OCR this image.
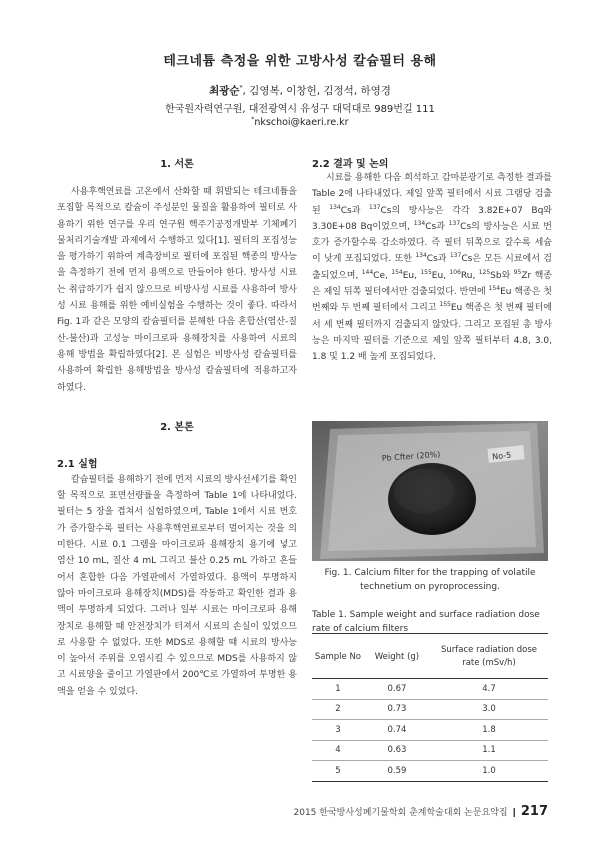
테크네튬 측정을 위한 고방사성 칼슘필터 용해
최광순*, 김영복, 이창헌, 김정석, 하영경
한국원자력연구원, 대전광역시 유성구 대덕대로 989번길 111
*nkschoi@kaeri.re.kr
1. 서론

사용후핵연료를 고온에서 산화할 때 휘발되는 테크네튬을 포집할 목적으로 칼슘이 주성분인 물질을 활용하여 필터로 사용하기 위한 연구를 우리 연구원 핵주기공정개발부 기체폐기물처리기술개발 과제에서 수행하고 있다[1]. 필터의 포집성능을 평가하기 위하여 계측장비로 필터에 포집된 핵종의 방사능을 측정하기 전에 먼저 용액으로 만들어야 한다. 방사성 시료는 취급하기가 쉽지 않으므로 비방사성 시료를 사용하여 방사성 시료 용해를 위한 예비실험을 수행하는 것이 좋다. 따라서 Fig. 1과 같은 모양의 칼슘필터를 분해한 다음 혼합산(염산-질산-불산)과 고성능 마이크로파 용해장치를 사용하여 시료의 용해 방법을 확립하였다[2]. 본 실험은 비방사성 칼슘필터를 사용하여 확립한 용해방법을 방사성 칼슘필터에 적용하고자 하였다.

2. 본론
2.1 실험

칼슘필터를 용해하기 전에 먼저 시료의 방사선세기를 확인할 목적으로 표면선량률을 측정하여 Table 1에 나타내었다. 필터는 5 장을 겹쳐서 실험하였으며, Table 1에서 시료 번호가 증가할수록 필터는 사용후핵연료로부터 멀어지는 것을 의미한다. 시료 0.1 그램을 마이크로파 용해장치 용기에 넣고 염산 10 mL, 질산 4 mL 그리고 불산 0.25 mL 가하고 흔들어서 혼합한 다음 가열판에서 가열하였다. 용액이 투명하지 않아 마이크로파 용해장치(MDS)를 작동하고 확인한 결과 용액이 투명하게 되었다. 그러나 일부 시료는 마이크로파 용해장치로 용해할 때 안전장치가 터져서 시료의 손실이 있었으므로 사용할 수 없었다. 또한 MDS로 용해할 때 시료의 방사능이 높아서 주위를 오염시킬 수 있으므로 MDS를 사용하지 않고 시료양을 줄이고 가열판에서 200℃로 가열하여 투명한 용액을 얻을 수 있었다.

2.2 결과 및 논의

시료를 용해한 다음 희석하고 감마분광기로 측정한 결과를 Table 2에 나타내었다. 제일 앞쪽 필터에서 시료 그램당 검출된 $^{134}$Cs과 $^{137}$Cs의 방사능은 각각 3.82E+07 Bq와 3.30E+08 Bq이었으며, $^{134}$Cs과 $^{137}$Cs의 방사능은 시료 번호가 증가할수록 감소하였다. 즉 필터 뒤쪽으로 갈수록 세슘이 낮게 포집되었다. 또한 $^{134}$Cs과 $^{137}$Cs은 모든 시료에서 검출되었으며, $^{144}$Ce, $^{154}$Eu, $^{155}$Eu, $^{106}$Ru, $^{125}$Sb와 $^{95}$Zr 핵종은 제일 뒤쪽 필터에서만 검출되었다. 반면에 $^{154}$Eu 핵종은 첫 번째와 두 번째 필터에서 그리고 $^{155}$Eu 핵종은 첫 번째 필터에서 세 번째 필터까지 검출되지 않았다. 그리고 포집된 총 방사능은 마지막 필터를 기준으로 제일 앞쪽 필터부터 4.8, 3.0, 1.8 및 1.2 배 높게 포집되었다.

Pb Cfter (20%)	No-5
Fig. 1. Calcium filter for the trapping of volatile technetium on pyroprocessing.
Table 1. Sample weight and surface radiation dose rate of calcium filters
Sample No	Weight (g)	Surface radiation dose rate (mSv/h)
1	0.67	4.7
2	0.73	3.0
3	0.74	1.8
4	0.63	1.1
5	0.59	1.0
2015 한국방사성폐기물학회 춘계학술대회 논문요약집 ❙ 217
